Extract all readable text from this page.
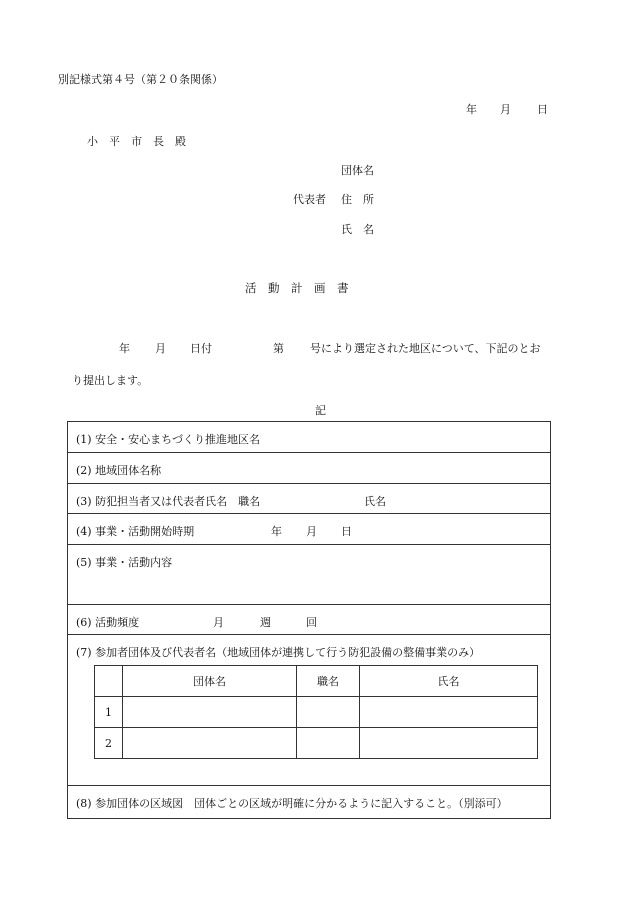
別記様式第４号（第２０条関係）
年 月 日
小　平　市　長　殿
団体名
代表者 住　所
氏　名
活　動　計　画　書
年 月 日付	第 号により選定された地区について、下記のとお
り提出します。
記
(1) 安全・安心まちづくり推進地区名
(2) 地域団体名称
(3) 防犯担当者又は代表者氏名　職名	氏名
(4) 事業・活動開始時期	年 月 日
(5) 事業・活動内容
(6) 活動頻度	月	週	回
(7) 参加者団体及び代表者名（地域団体が連携して行う防犯設備の整備事業のみ）
	団体名	職名	氏名
1			
2			
(8) 参加団体の区域図　団体ごとの区域が明確に分かるように記入すること。（別添可）
